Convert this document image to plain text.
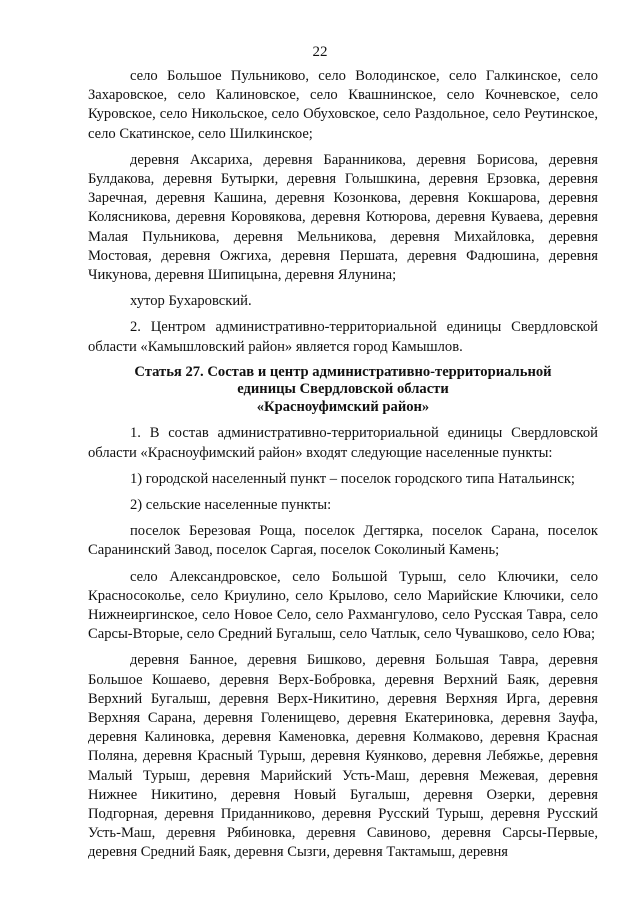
22

село Большое Пульниково, село Володинское, село Галкинское, село Захаровское, село Калиновское, село Квашнинское, село Кочневское, село Куровское, село Никольское, село Обуховское, село Раздольное, село Реутинское, село Скатинское, село Шилкинское;

деревня Аксариха, деревня Баранникова, деревня Борисова, деревня Булдакова, деревня Бутырки, деревня Голышкина, деревня Ерзовка, деревня Заречная, деревня Кашина, деревня Козонкова, деревня Кокшарова, деревня Колясникова, деревня Коровякова, деревня Котюрова, деревня Куваева, деревня Малая Пульникова, деревня Мельникова, деревня Михайловка, деревня Мостовая, деревня Ожгиха, деревня Першата, деревня Фадюшина, деревня Чикунова, деревня Шипицына, деревня Ялунина;

хутор Бухаровский.

2. Центром административно-территориальной единицы Свердловской области «Камышловский район» является город Камышлов.

Статья 27. Состав и центр административно-территориальной
единицы Свердловской области
«Красноуфимский район»

1. В состав административно-территориальной единицы Свердловской области «Красноуфимский район» входят следующие населенные пункты:

1) городской населенный пункт – поселок городского типа Натальинск;

2) сельские населенные пункты:

поселок Березовая Роща, поселок Дегтярка, поселок Сарана, поселок Саранинский Завод, поселок Саргая, поселок Соколиный Камень;

село Александровское, село Большой Турыш, село Ключики, село Красносоколье, село Криулино, село Крылово, село Марийские Ключики, село Нижнеиргинское, село Новое Село, село Рахмангулово, село Русская Тавра, село Сарсы-Вторые, село Средний Бугалыш, село Чатлык, село Чувашково, село Юва;

деревня Банное, деревня Бишково, деревня Большая Тавра, деревня Большое Кошаево, деревня Верх-Бобровка, деревня Верхний Баяк, деревня Верхний Бугалыш, деревня Верх-Никитино, деревня Верхняя Ирга, деревня Верхняя Сарана, деревня Голенищево, деревня Екатериновка, деревня Зауфа, деревня Калиновка, деревня Каменовка, деревня Колмаково, деревня Красная Поляна, деревня Красный Турыш, деревня Куянково, деревня Лебяжье, деревня Малый Турыш, деревня Марийский Усть-Маш, деревня Межевая, деревня Нижнее Никитино, деревня Новый Бугалыш, деревня Озерки, деревня Подгорная, деревня Приданниково, деревня Русский Турыш, деревня Русский Усть-Маш, деревня Рябиновка, деревня Савиново, деревня Сарсы-Первые, деревня Средний Баяк, деревня Сызги, деревня Тактамыш, деревня
